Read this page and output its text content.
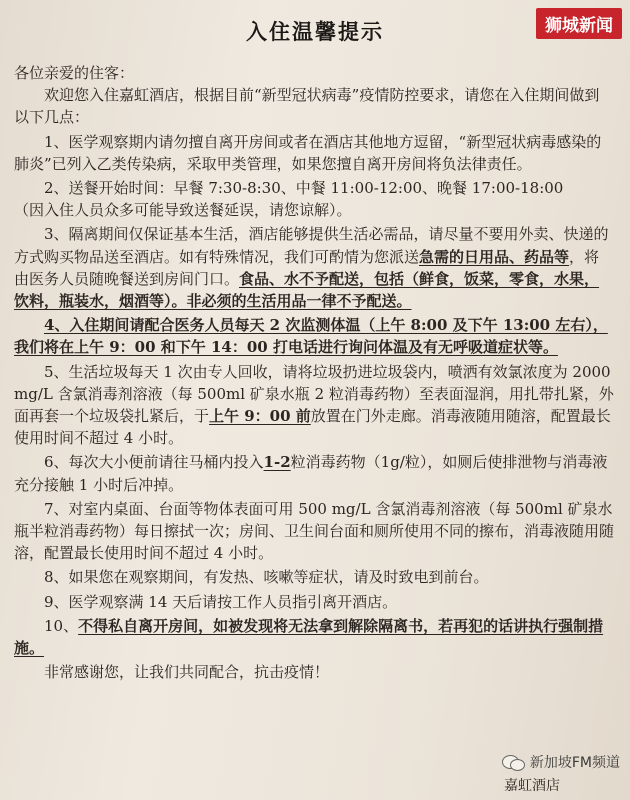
狮城新闻
入住温馨提示

各位亲爱的住客：

欢迎您入住嘉虹酒店，根据目前“新型冠状病毒”疫情防控要求，请您在入住期间做到以下几点：

1、医学观察期内请勿擅自离开房间或者在酒店其他地方逗留，“新型冠状病毒感染的肺炎”已列入乙类传染病，采取甲类管理，如果您擅自离开房间将负法律责任。

2、送餐开始时间：早餐 7:30-8:30、中餐 11:00-12:00、晚餐 17:00-18:00
（因入住人员众多可能导致送餐延误，请您谅解）。

3、隔离期间仅保证基本生活，酒店能够提供生活必需品，请尽量不要用外卖、快递的方式购买物品送至酒店。如有特殊情况，我们可酌情为您派送急需的日用品、药品等，将由医务人员随晚餐送到房间门口。食品、水不予配送，包括（鲜食，饭菜，零食，水果，饮料，瓶装水，烟酒等）。非必须的生活用品一律不予配送。

4、入住期间请配合医务人员每天 2 次监测体温（上午 8:00 及下午 13:00 左右），我们将在上午 9：00 和下午 14：00 打电话进行询问体温及有无呼吸道症状等。

5、生活垃圾每天 1 次由专人回收，请将垃圾扔进垃圾袋内，喷洒有效氯浓度为 2000 mg/L 含氯消毒剂溶液（每 500ml 矿泉水瓶 2 粒消毒药物）至表面湿润，用扎带扎紧，外面再套一个垃圾袋扎紧后，于上午 9：00 前放置在门外走廊。消毒液随用随溶，配置最长使用时间不超过 4 小时。

6、每次大小便前请往马桶内投入1-2粒消毒药物（1g/粒），如厕后使排泄物与消毒液充分接触 1 小时后冲掉。

7、对室内桌面、台面等物体表面可用 500 mg/L 含氯消毒剂溶液（每 500ml 矿泉水瓶半粒消毒药物）每日擦拭一次；房间、卫生间台面和厕所使用不同的擦布，消毒液随用随溶，配置最长使用时间不超过 4 小时。

8、如果您在观察期间，有发热、咳嗽等症状，请及时致电到前台。

9、医学观察满 14 天后请按工作人员指引离开酒店。

10、不得私自离开房间，如被发现将无法拿到解除隔离书，若再犯的话讲执行强制措施。

非常感谢您，让我们共同配合，抗击疫情！

新加坡FM频道
嘉虹酒店
